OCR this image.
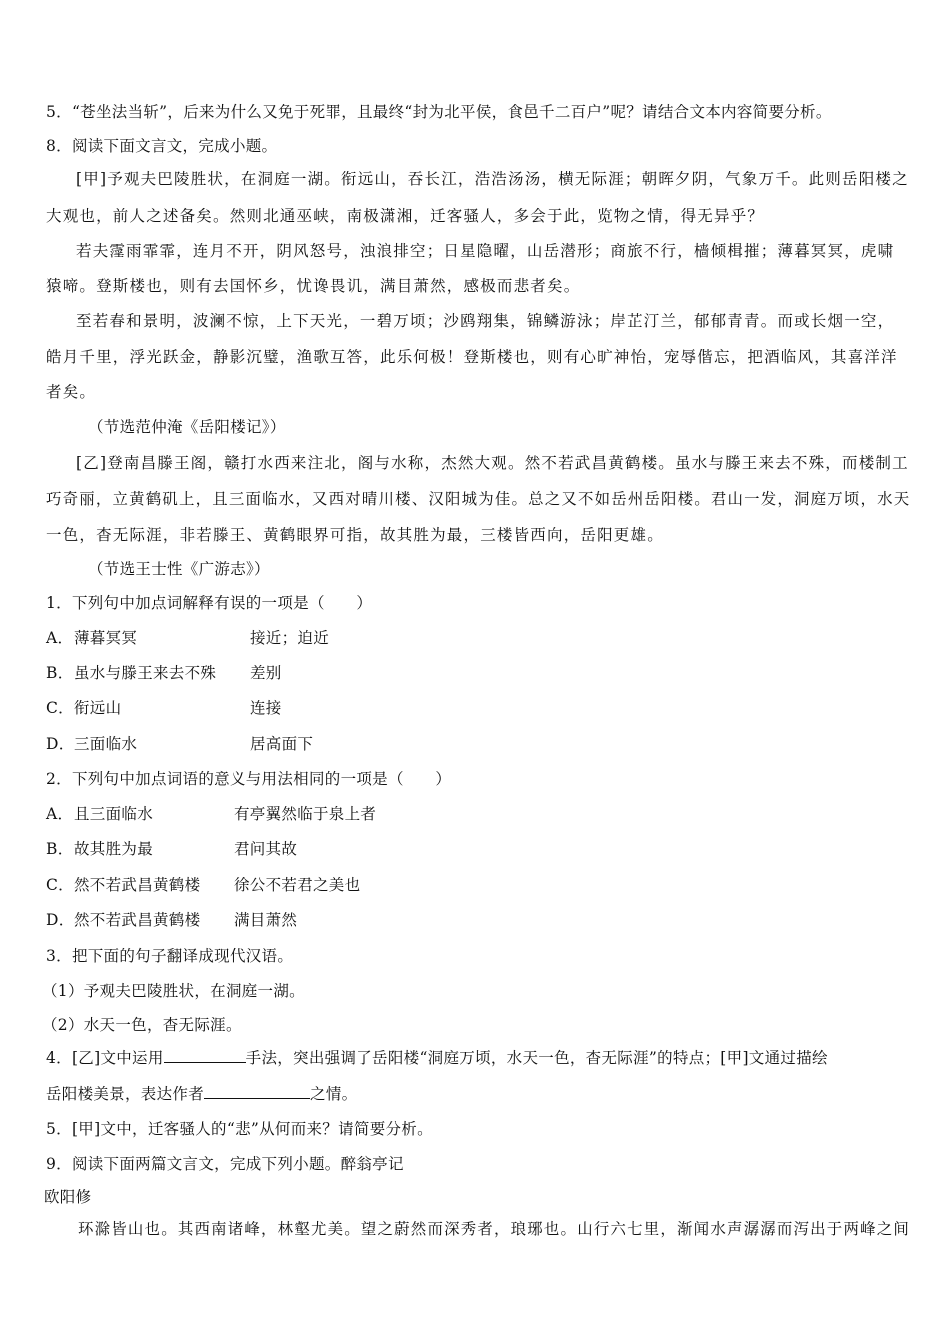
5．“苍坐法当斩”，后来为什么又免于死罪，且最终“封为北平侯，食邑千二百户”呢？请结合文本内容简要分析。
8．阅读下面文言文，完成小题。
[甲]予观夫巴陵胜状，在洞庭一湖。衔远山，吞长江，浩浩汤汤，横无际涯；朝晖夕阴，气象万千。此则岳阳楼之
大观也，前人之述备矣。然则北通巫峡，南极潇湘，迁客骚人，多会于此，览物之情，得无异乎？
若夫霪雨霏霏，连月不开，阴风怒号，浊浪排空；日星隐曜，山岳潜形；商旅不行，樯倾楫摧；薄暮冥冥，虎啸
猿啼。登斯楼也，则有去国怀乡，忧谗畏讥，满目萧然，感极而悲者矣。
至若春和景明，波澜不惊，上下天光，一碧万顷；沙鸥翔集，锦鳞游泳；岸芷汀兰，郁郁青青。而或长烟一空，
皓月千里，浮光跃金，静影沉璧，渔歌互答，此乐何极！登斯楼也，则有心旷神怡，宠辱偕忘，把酒临风，其喜洋洋
者矣。
（节选范仲淹《岳阳楼记》）
[乙]登南昌滕王阁，赣打水西来注北，阁与水称，杰然大观。然不若武昌黄鹤楼。虽水与滕王来去不殊，而楼制工
巧奇丽，立黄鹤矶上，且三面临水，又西对晴川楼、汉阳城为佳。总之又不如岳州岳阳楼。君山一发，洞庭万顷，水天
一色，杳无际涯，非若滕王、黄鹤眼界可指，故其胜为最，三楼皆西向，岳阳更雄。
（节选王士性《广游志》）
1．下列句中加点词解释有误的一项是（　　）
A．薄暮冥冥	接近；迫近
B．虽水与滕王来去不殊 差别
C．衔远山	连接
D．三面临水	居高面下
2．下列句中加点词语的意义与用法相同的一项是（　　）
A．且三面临水	有亭翼然临于泉上者
B．故其胜为最	君问其故
C．然不若武昌黄鹤楼 徐公不若君之美也
D．然不若武昌黄鹤楼 满目萧然
3．把下面的句子翻译成现代汉语。
（1）予观夫巴陵胜状，在洞庭一湖。
（2）水天一色，杳无际涯。
4．[乙]文中运用	手法，突出强调了岳阳楼“洞庭万顷，水天一色，杳无际涯”的特点；[甲]文通过描绘
岳阳楼美景，表达作者	之情。
5．[甲]文中，迁客骚人的“悲”从何而来？请简要分析。
9．阅读下面两篇文言文，完成下列小题。醉翁亭记
欧阳修
环滁皆山也。其西南诸峰，林壑尤美。望之蔚然而深秀者，琅琊也。山行六七里，渐闻水声潺潺而泻出于两峰之间
